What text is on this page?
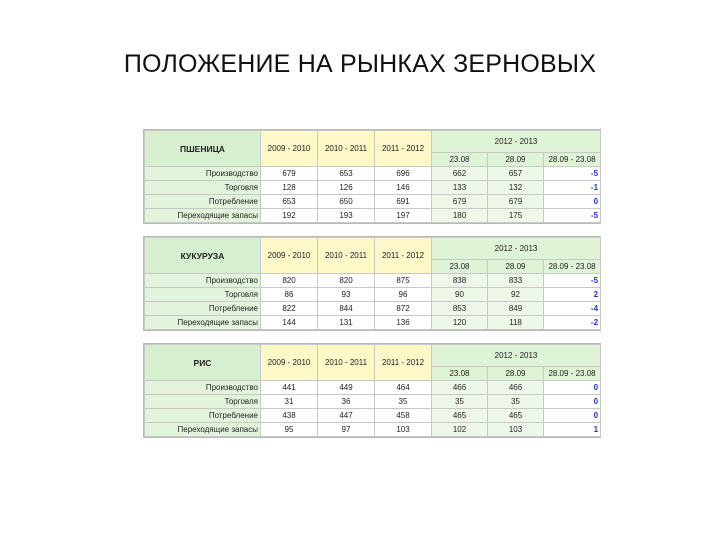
ПОЛОЖЕНИЕ НА РЫНКАХ ЗЕРНОВЫХ
ПШЕНИЦА	2009 - 2010	2010 - 2011	2011 - 2012	2012 - 2013		
				23.08	28.09	28.09 - 23.08
Производство	679	653	696	662	657	-5
Торговля	128	126	146	133	132	-1
Потребление	653	650	691	679	679	0
Переходящие запасы	192	193	197	180	175	-5
КУКУРУЗА	2009 - 2010	2010 - 2011	2011 - 2012	2012 - 2013		
				23.08	28.09	28.09 - 23.08
Производство	820	820	875	838	833	-5
Торговля	86	93	96	90	92	2
Потребление	822	844	872	853	849	-4
Переходящие запасы	144	131	136	120	118	-2
РИС	2009 - 2010	2010 - 2011	2011 - 2012	2012 - 2013		
				23.08	28.09	28.09 - 23.08
Производство	441	449	464	466	466	0
Торговля	31	36	35	35	35	0
Потребление	438	447	458	465	465	0
Переходящие запасы	95	97	103	102	103	1
